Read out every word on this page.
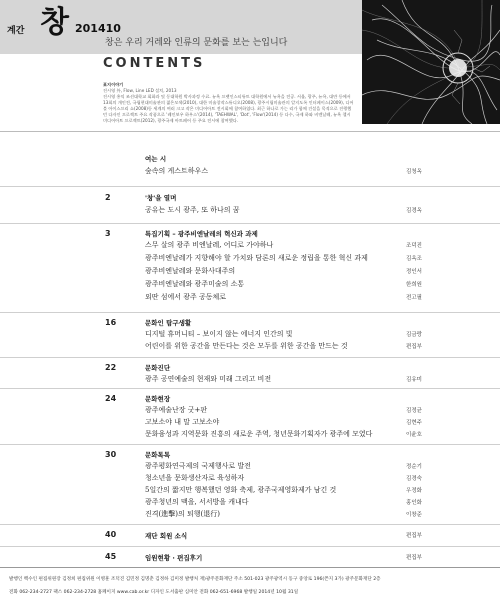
계간 창 201410
창은 우리 거레와 인류의 문화를 보는 는입니다
CONTENTS
표지이야기
진시영 外, Flow, Line LED 설치, 2013
진시영 홍익 조선대학교 회화과 및 동대학원 박사과정 수료. 뉴욕 프랫인스티튜트 대학원에서 뉴욕을 전공. 서울, 광주, 뉴욕, 대만 등에서 13회의 개인전, 국립현대미술관의 젊은모색(2010), 대한 미술창작스튜디오(2008), 광주시립미술관의 알지도록 인터페이스(2009), 디어블 아이스프리 쇼(2008)등 세계의 여러 크고 작은 미디어아트 전시회에 참여하였다. 최근 하나로 가는 리가 함께 건설을 목적으로 진행했던 다자인 프로젝트 주요 작품으로 '레인보우 하우스'(2014), 'TAEHWAL', 'Dot', 'Flow'(2014) 등 다수, 국제 하와 비엔날레, 뉴욕 첼시 미디어아트 프로젝트(2012), 광주국제 아트페어 등 주요 전시에 참여했다.
여는 시
숲속의 게스트하우스	김청옥
2	'창'을 열며
공유는 도시 광주, 또 하나의 꿈	김경옥
3	특집기획 – 광주비엔날레의 혁신과 과제
스무 살의 광주 비엔날레, 어디로 가야하나	조덕진
광주비엔날레가 지향해야 할 가치와 담론의 새로운 정립을 통한 혁신 과제	김옥조
광주비엔날레와 문화사대주의	정인서
광주비엔날레와 광주미술의 소통	한희원
외딴 섬에서 광주 공동체로	전고필
16	문화인 탐구생활
디지털 휴머니티 – 보이지 않는 에너지 인간의 빛	김금랑
어린이를 위한 공간을 만든다는 것은 모두를 위한 공간을 만드는 것	편집부
22	문화진단
광주 공연예술의 현재와 미래 그리고 비전	김유미
24	문화현장
광주예술난장 굿+판	김정균
고보소야 내 말 고보소야	김현주
문화융성과 지역문화 진흥의 새로운 주역, 청년문화기획자가 광주에 모였다	이윤호
30	문화톡톡
광주평화연극제의 국제행사로 발전	정순기
청소년을 문화생산자로 육성하자	김경숙
5일간의 짧지만 행복했던 영화 축제, 광주국제영화제가 남긴 것	우정화
광주청년의 맥을, 서서방을 캐내다	홍인화
진격(進擊)의 퇴행(退行)	이창준
40	재단 회원 소식	편집부
45	임원현황 · 편집후기	편집부
발행인 백수인 편집위원장 김정희 편집위원 이병훈 조덕진 김민정 김명춘 김정하 김미정 발행처 재)광주문화재단 주소 501-023 광주광역시 동구 중앙로 196(쯘지 3가) 광주문화재단 2층
전화 062-234-2727 팩스 062-234-2728 홈페이지 www.cab.or.kr 디자인 도서출판 심미안 전화 062-651-6968 발행일 2014년 10월 31일
